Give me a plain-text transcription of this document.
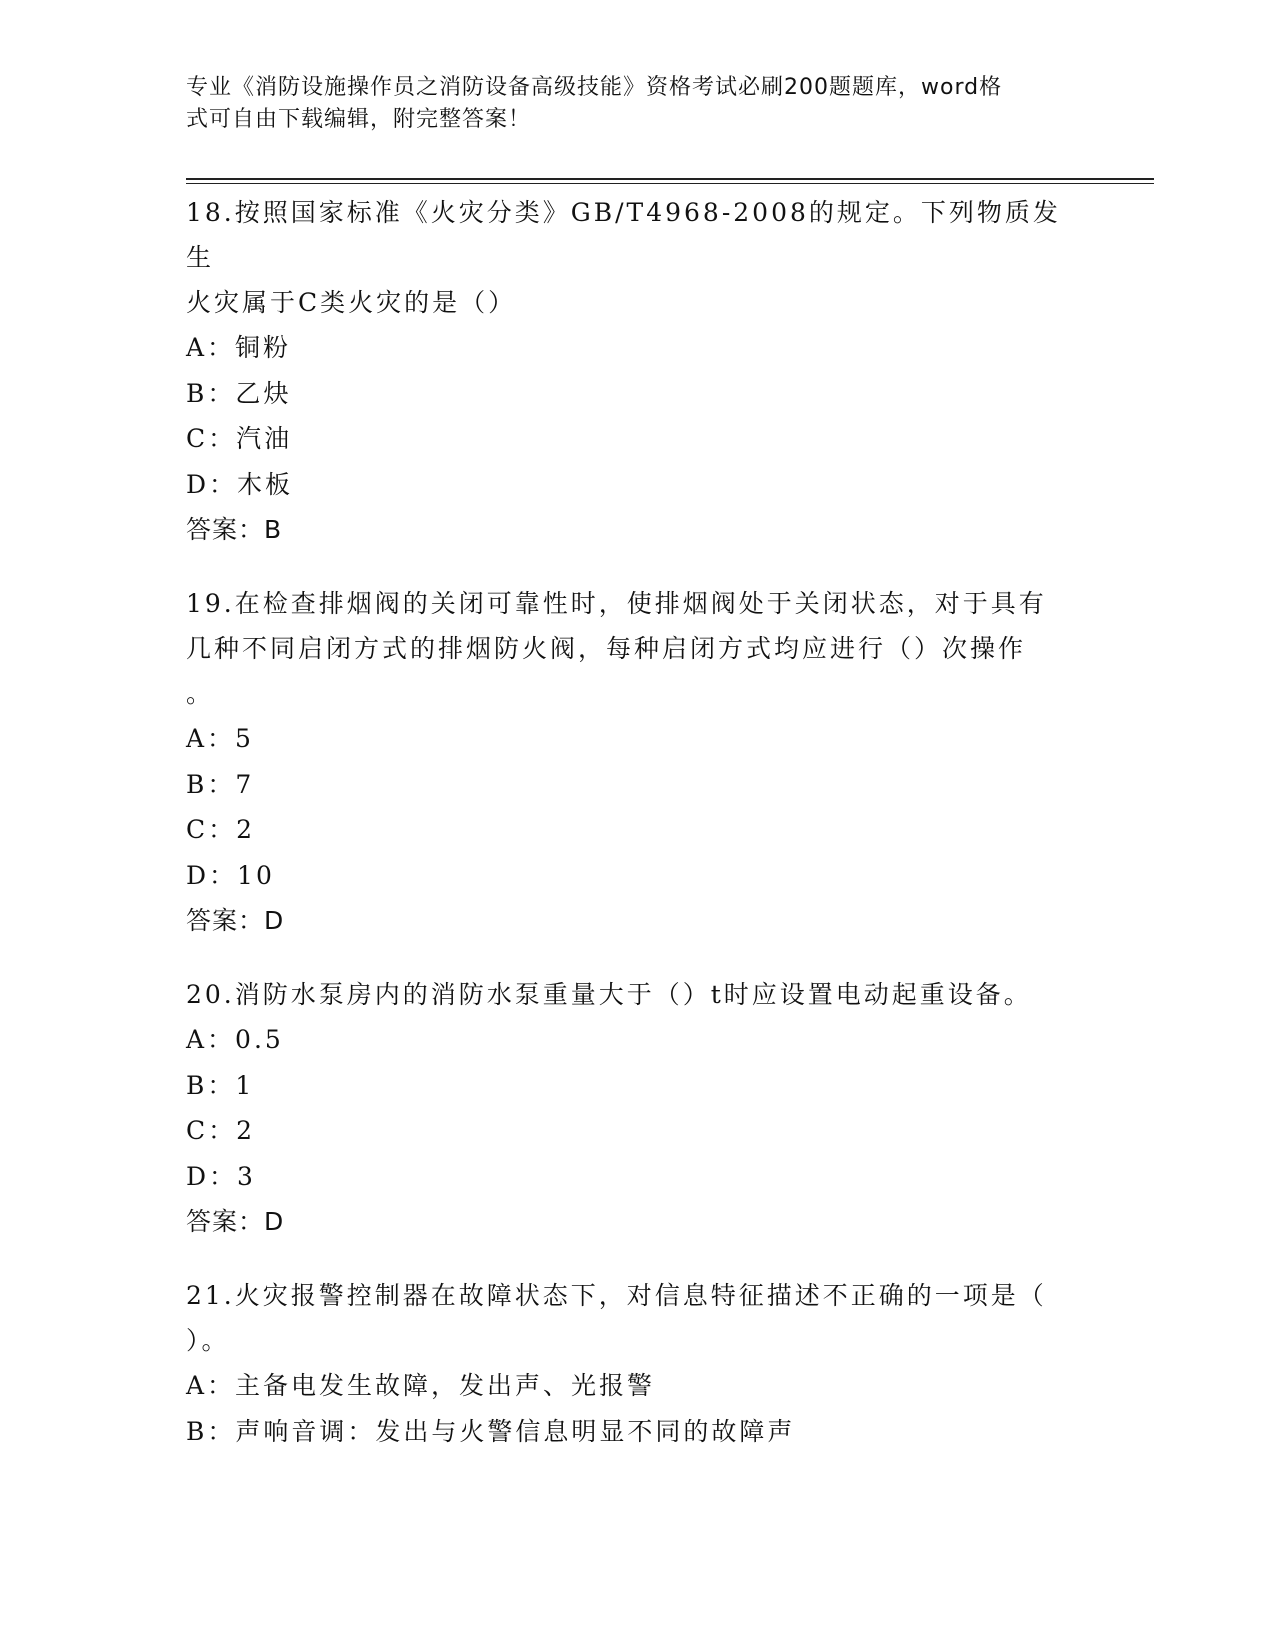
专业《消防设施操作员之消防设备高级技能》资格考试必刷200题题库，word格
式可自由下载编辑，附完整答案！

18.按照国家标准《火灾分类》GB/T4968-2008的规定。下列物质发生

火灾属于C类火灾的是（）

A：铜粉

B：乙炔

C：汽油

D：木板

答案：B

19.在检查排烟阀的关闭可靠性时，使排烟阀处于关闭状态，对于具有

几种不同启闭方式的排烟防火阀，每种启闭方式均应进行（）次操作

。

A：5

B：7

C：2

D：10

答案：D

20.消防水泵房内的消防水泵重量大于（）t时应设置电动起重设备。

A：0.5

B：1

C：2

D：3

答案：D

21.火灾报警控制器在故障状态下，对信息特征描述不正确的一项是（

）。

A：主备电发生故障，发出声、光报警

B：声响音调：发出与火警信息明显不同的故障声
